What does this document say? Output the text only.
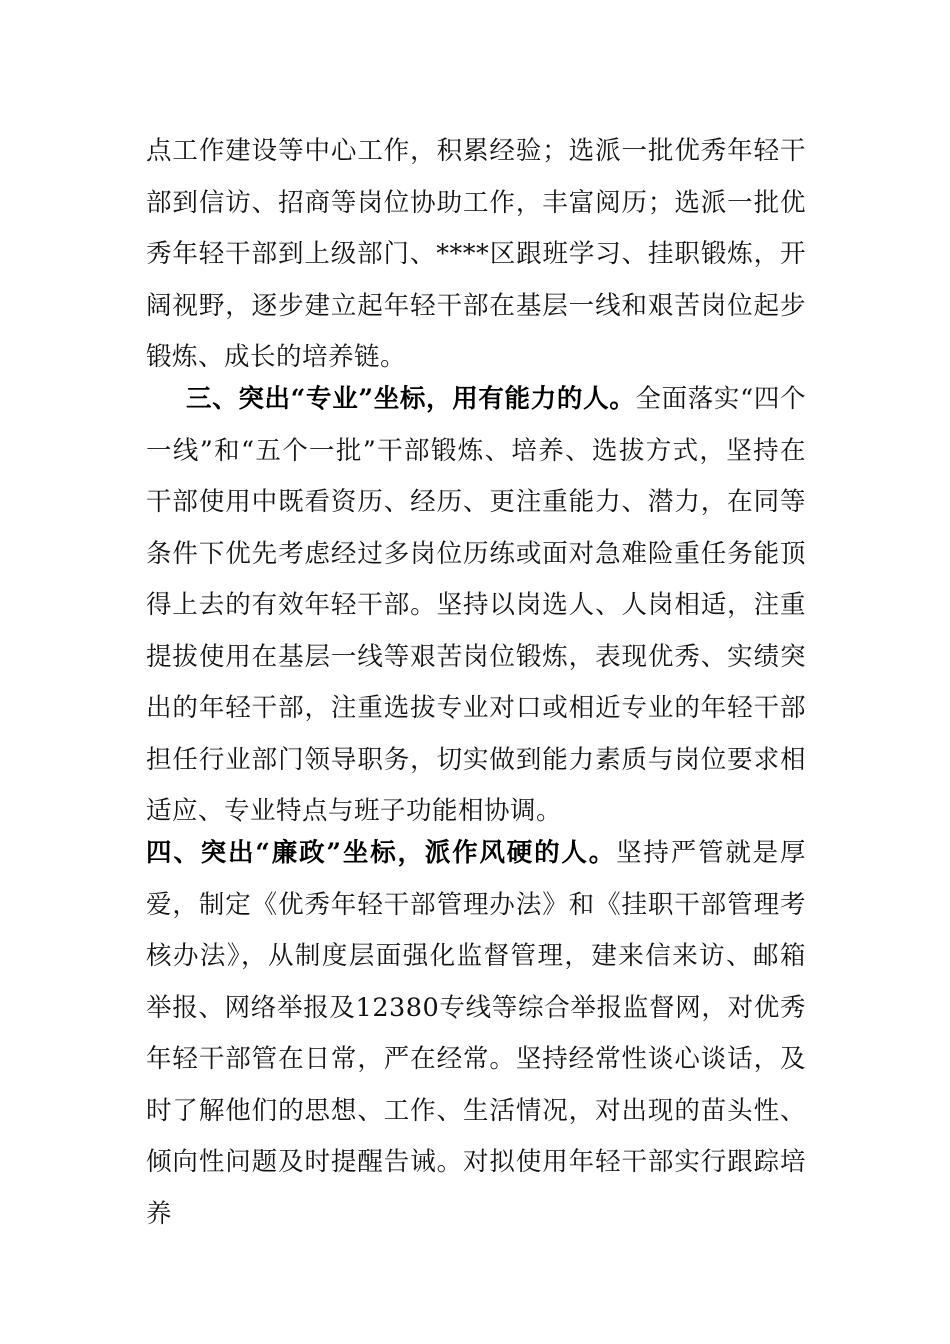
点工作建设等中心工作，积累经验；选派一批优秀年轻干部到信访、招商等岗位协助工作，丰富阅历；选派一批优秀年轻干部到上级部门、****区跟班学习、挂职锻炼，开阔视野，逐步建立起年轻干部在基层一线和艰苦岗位起步锻炼、成长的培养链。

三、突出“专业”坐标，用有能力的人。全面落实“四个一线”和“五个一批”干部锻炼、培养、选拔方式，坚持在干部使用中既看资历、经历、更注重能力、潜力，在同等条件下优先考虑经过多岗位历练或面对急难险重任务能顶得上去的有效年轻干部。坚持以岗选人、人岗相适，注重提拔使用在基层一线等艰苦岗位锻炼，表现优秀、实绩突出的年轻干部，注重选拔专业对口或相近专业的年轻干部担任行业部门领导职务，切实做到能力素质与岗位要求相适应、专业特点与班子功能相协调。

四、突出“廉政”坐标，派作风硬的人。坚持严管就是厚爱，制定《优秀年轻干部管理办法》和《挂职干部管理考核办法》，从制度层面强化监督管理，建来信来访、邮箱举报、网络举报及12380专线等综合举报监督网，对优秀年轻干部管在日常，严在经常。坚持经常性谈心谈话，及时了解他们的思想、工作、生活情况，对出现的苗头性、倾向性问题及时提醒告诫。对拟使用年轻干部实行跟踪培养
